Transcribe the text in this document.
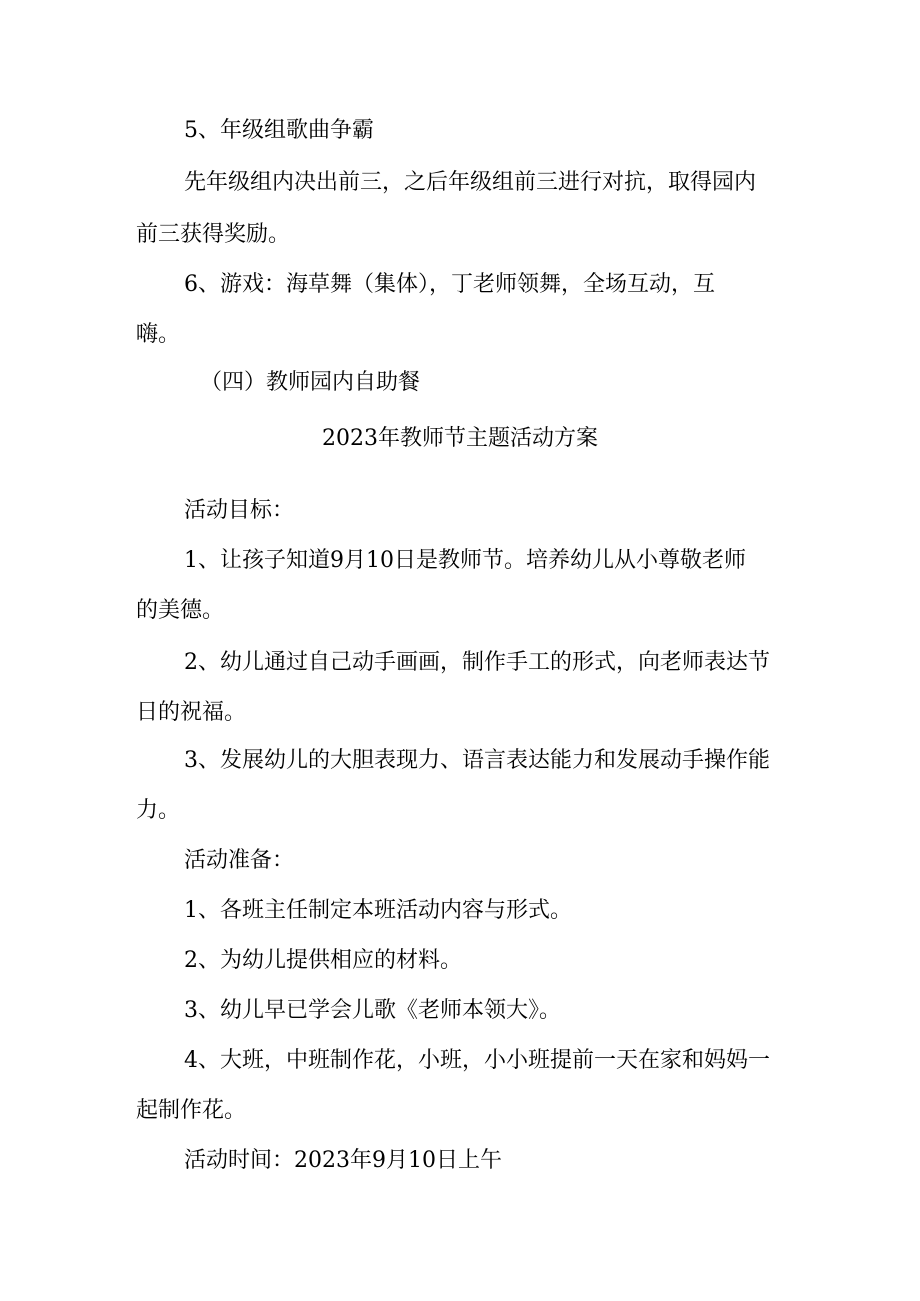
5、年级组歌曲争霸
先年级组内决出前三，之后年级组前三进行对抗，取得园内
前三获得奖励。
6、游戏：海草舞（集体），丁老师领舞，全场互动，互
嗨。
（四）教师园内自助餐
2023年教师节主题活动方案
活动目标：
1、让孩子知道9月10日是教师节。培养幼儿从小尊敬老师
的美德。
2、幼儿通过自己动手画画，制作手工的形式，向老师表达节
日的祝福。
3、发展幼儿的大胆表现力、语言表达能力和发展动手操作能
力。
活动准备：
1、各班主任制定本班活动内容与形式。
2、为幼儿提供相应的材料。
3、幼儿早已学会儿歌《老师本领大》。
4、大班，中班制作花，小班，小小班提前一天在家和妈妈一
起制作花。
活动时间：2023年9月10日上午
